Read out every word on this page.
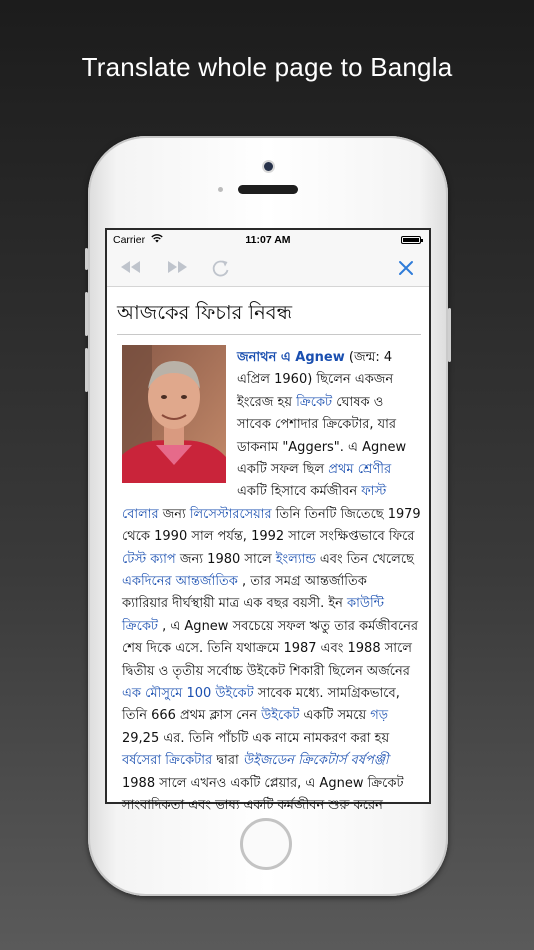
Translate whole page to Bangla
Carrier	11:07 AM
আজকের ফিচার নিবন্ধ
জনাথন এ Agnew (জন্ম: 4
এপ্রিল 1960) ছিলেন একজন
ইংরেজ হয় ক্রিকেট ঘোষক ও
সাবেক পেশাদার ক্রিকেটার, যার
ডাকনাম "Aggers". এ Agnew
একটি সফল ছিল প্রথম শ্রেণীর
একটি হিসাবে কর্মজীবন ফাস্ট
বোলার জন্য লিসেস্টারসেয়ার তিনি তিনটি জিতেছে 1979
থেকে 1990 সাল পর্যন্ত, 1992 সালে সংক্ষিপ্তভাবে ফিরে
টেস্ট ক্যাপ জন্য 1980 সালে ইংল্যান্ড এবং তিন খেলেছে
একদিনের আন্তর্জাতিক , তার সমগ্র আন্তর্জাতিক
ক্যারিয়ার দীর্ঘস্থায়ী মাত্র এক বছর বয়সী. ইন কাউন্টি
ক্রিকেট , এ Agnew সবচেয়ে সফল ঋতু তার কর্মজীবনের
শেষ দিকে এসে. তিনি যথাক্রমে 1987 এবং 1988 সালে
দ্বিতীয় ও তৃতীয় সর্বোচ্চ উইকেট শিকারী ছিলেন অর্জনের
এক মৌসুমে 100 উইকেট সাবেক মধ্যে. সামগ্রিকভাবে,
তিনি 666 প্রথম ক্লাস নেন উইকেট একটি সময়ে গড়
29,25 এর. তিনি পাঁচটি এক নামে নামকরণ করা হয়
বর্ষসেরা ক্রিকেটার দ্বারা উইজডেন ক্রিকেটার্স বর্ষপঞ্জী
1988 সালে এখনও একটি প্লেয়ার, এ Agnew ক্রিকেট
সাংবাদিকতা এবং ভাষ্য একটি কর্মজীবন শুরু করেন
